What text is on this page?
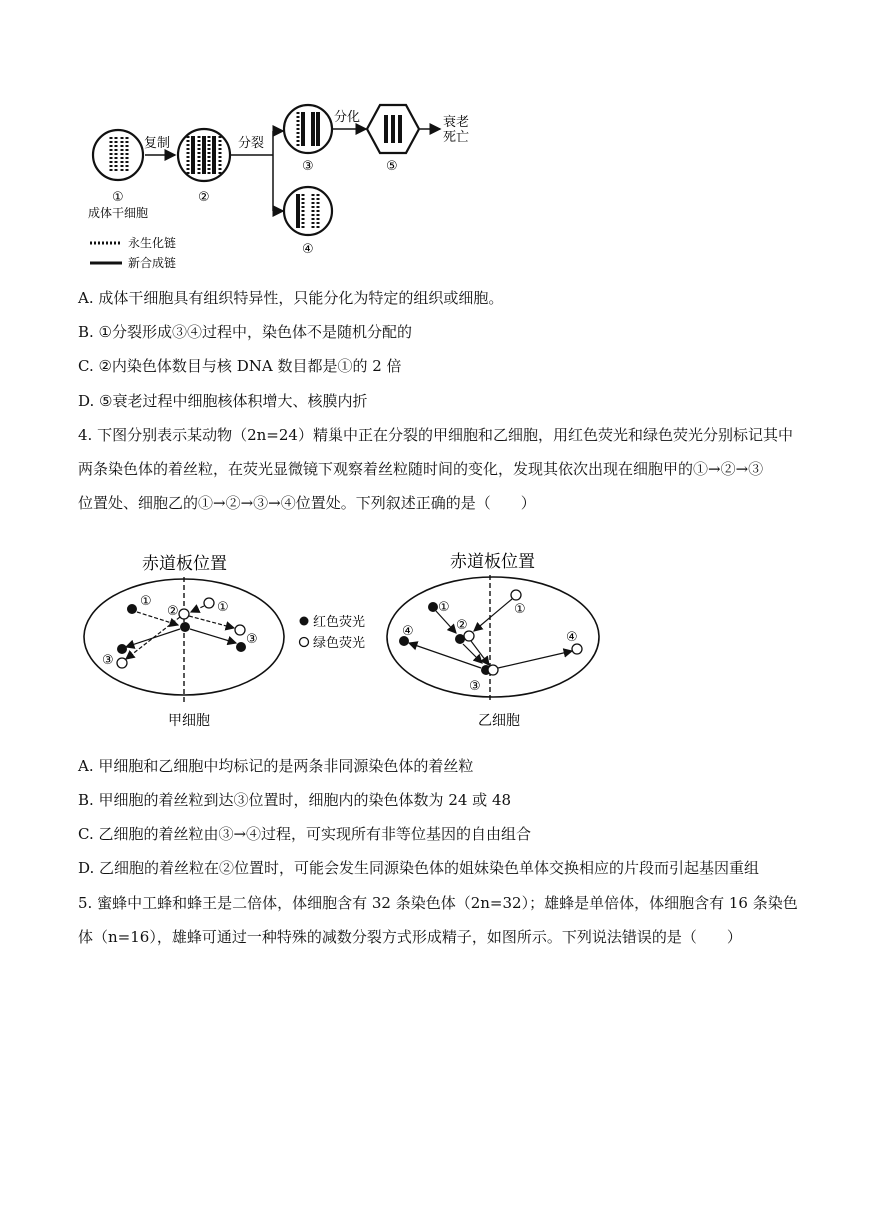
①
成体干细胞
复制
②
分裂
③
分化
⑤
衰老
死亡
④
永生化链
新合成链
A. 成体干细胞具有组织特异性，只能分化为特定的组织或细胞。
B. ①分裂形成③④过程中，染色体不是随机分配的
C. ②内染色体数目与核 DNA 数目都是①的 2 倍
D. ⑤衰老过程中细胞核体积增大、核膜内折
4. 下图分别表示某动物（2n=24）精巢中正在分裂的甲细胞和乙细胞，用红色荧光和绿色荧光分别标记其中
两条染色体的着丝粒，在荧光显微镜下观察着丝粒随时间的变化，发现其依次出现在细胞甲的①→②→③
位置处、细胞乙的①→②→③→④位置处。下列叙述正确的是（　　）
赤道板位置
甲细胞
①
②	①
③
③
红色荧光
绿色荧光
赤道板位置
乙细胞
①	①
②
④	④
③
A. 甲细胞和乙细胞中均标记的是两条非同源染色体的着丝粒
B. 甲细胞的着丝粒到达③位置时，细胞内的染色体数为 24 或 48
C. 乙细胞的着丝粒由③→④过程，可实现所有非等位基因的自由组合
D. 乙细胞的着丝粒在②位置时，可能会发生同源染色体的姐妹染色单体交换相应的片段而引起基因重组
5. 蜜蜂中工蜂和蜂王是二倍体，体细胞含有 32 条染色体（2n=32）；雄蜂是单倍体，体细胞含有 16 条染色
体（n=16），雄蜂可通过一种特殊的减数分裂方式形成精子，如图所示。下列说法错误的是（　　）
